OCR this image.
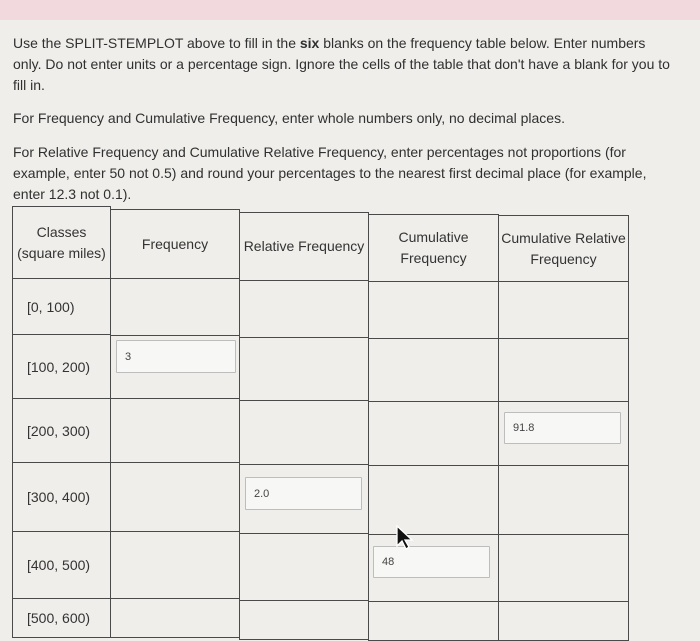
Use the SPLIT-STEMPLOT above to fill in the six blanks on the frequency table below. Enter numbers only. Do not enter units or a percentage sign. Ignore the cells of the table that don't have a blank for you to fill in.

For Frequency and Cumulative Frequency, enter whole numbers only, no decimal places.

For Relative Frequency and Cumulative Relative Frequency, enter percentages not proportions (for example, enter 50 not 0.5) and round your percentages to the nearest first decimal place (for example, enter 12.3 not 0.1).

Classes (square miles)
Frequency	Relative Frequency
Cumulative Frequency
Cumulative Relative Frequency
[0, 100)
[100, 200)
[200, 300)
[300, 400)
[400, 500)
[500, 600)
3
91.8
2.0
48
